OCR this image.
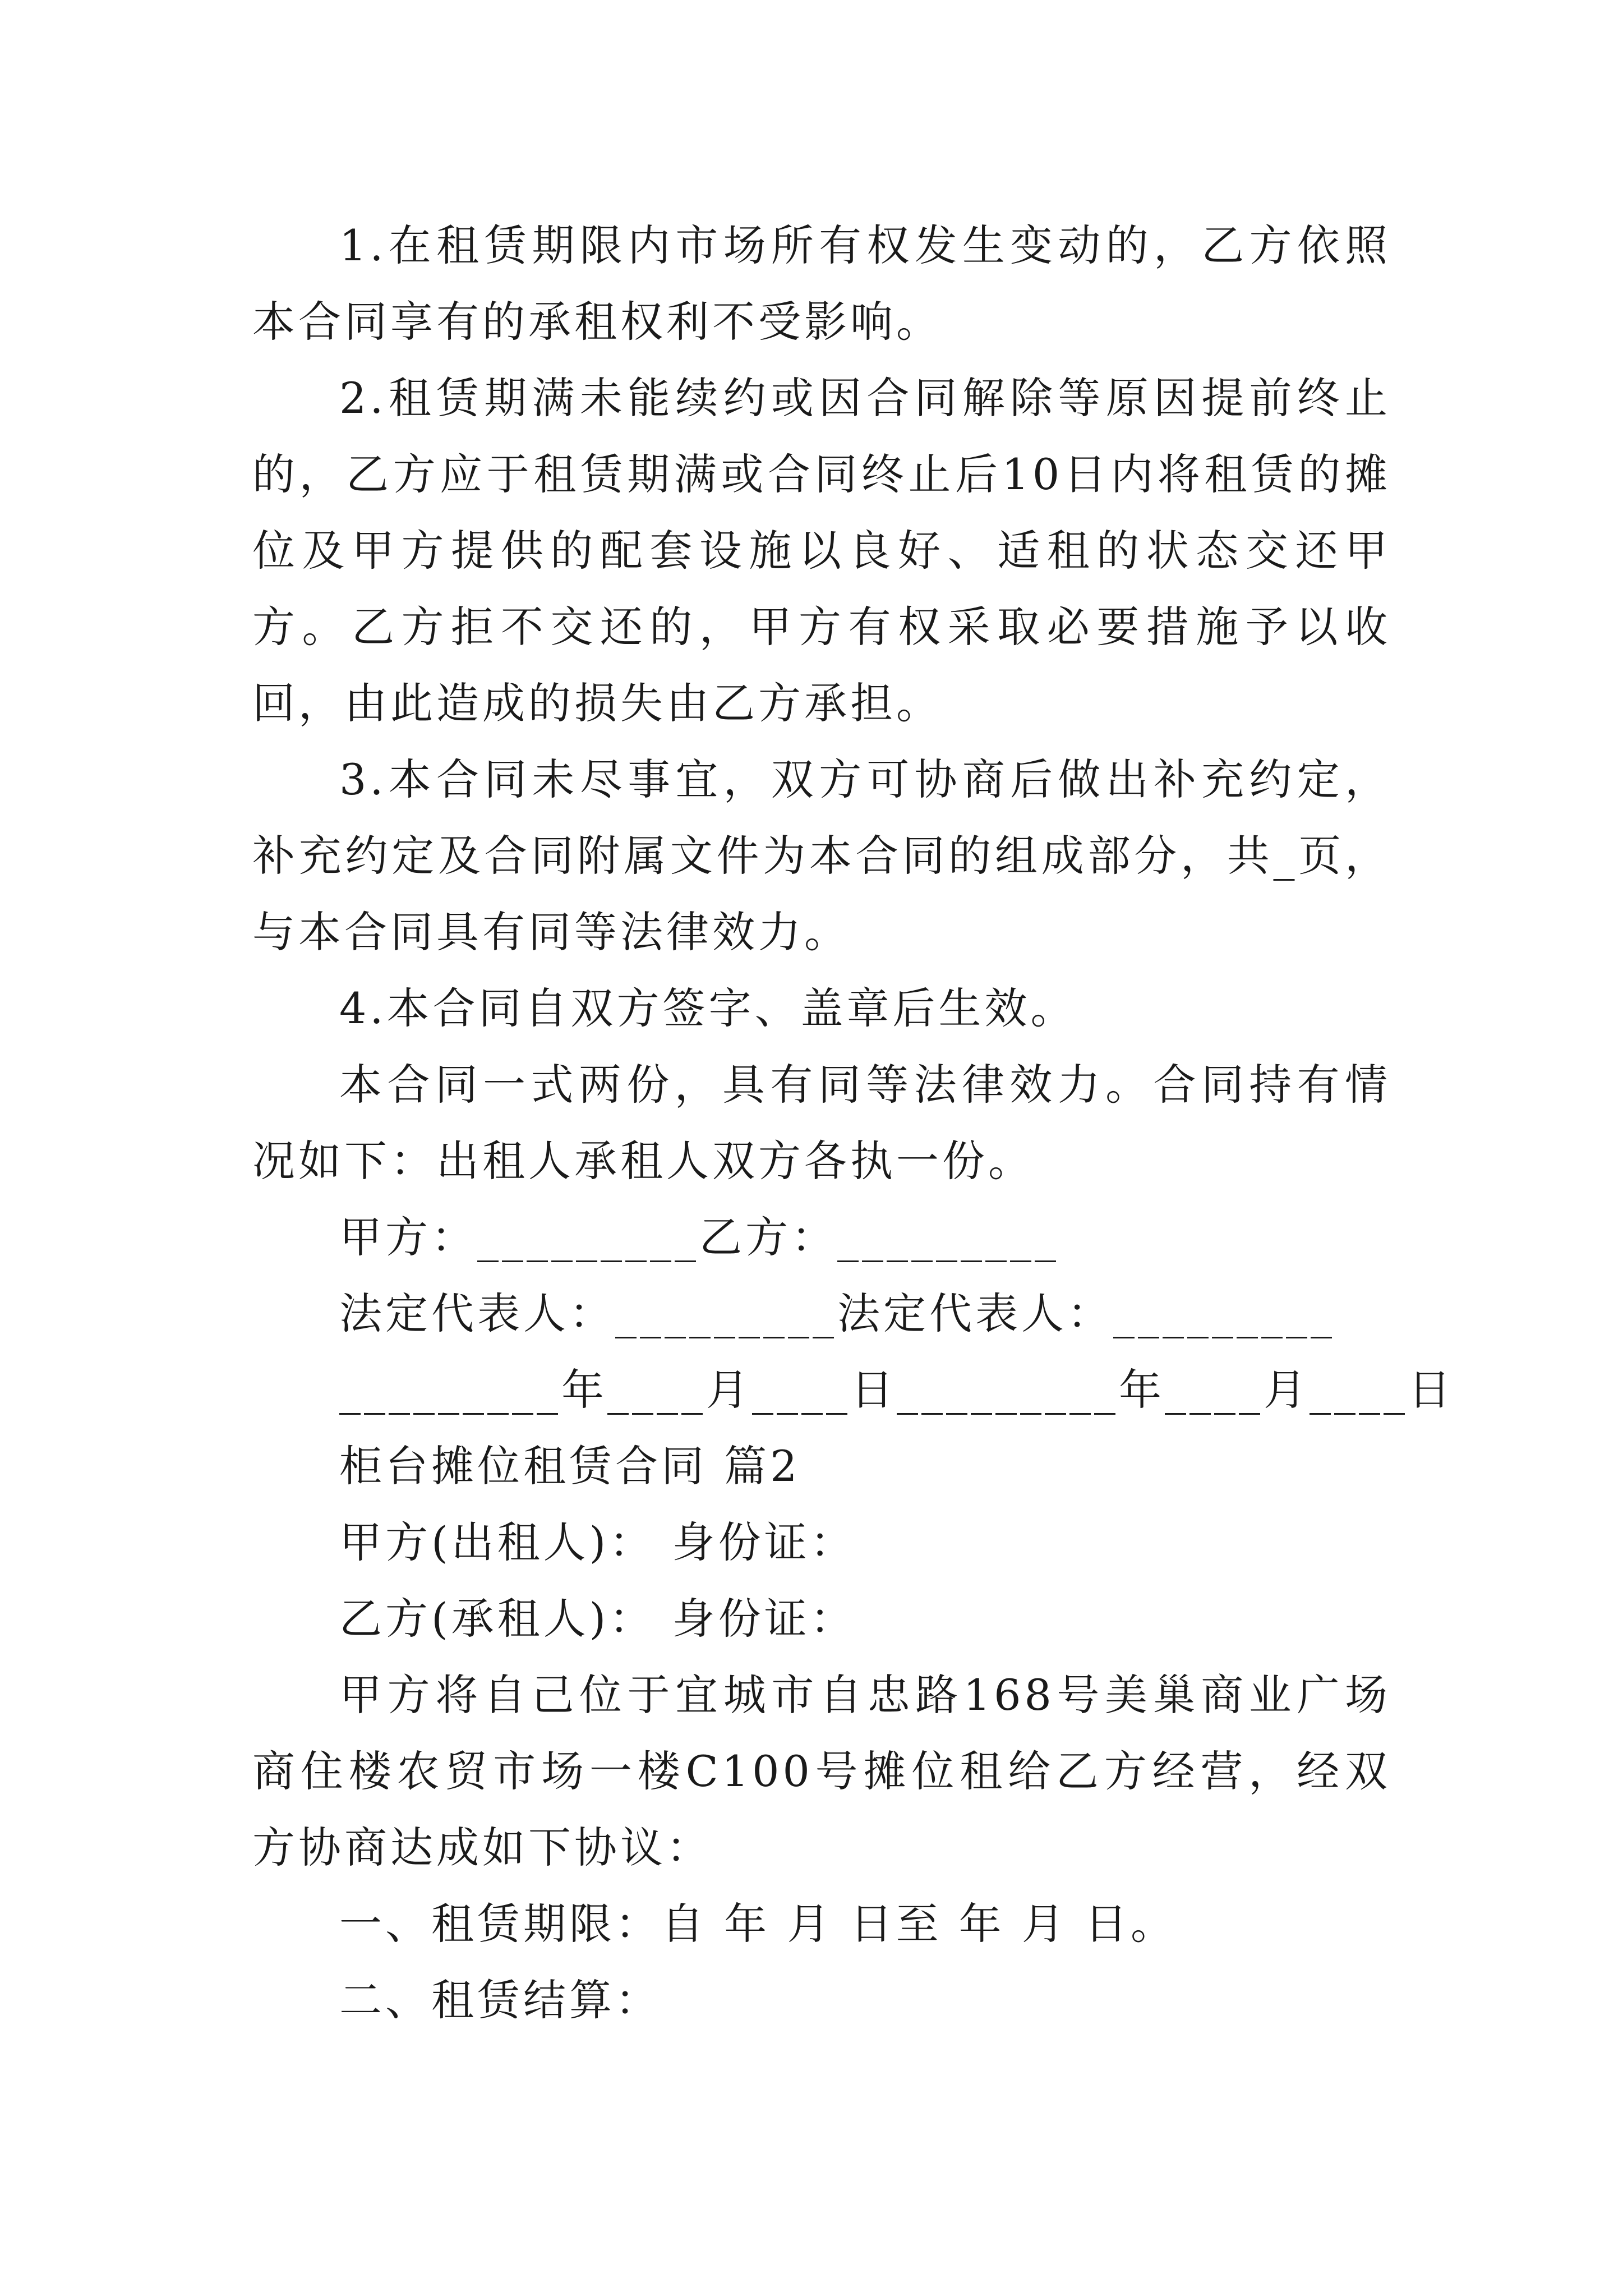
1.在租赁期限内市场所有权发生变动的，乙方依照本合同享有的承租权利不受影响。

2.租赁期满未能续约或因合同解除等原因提前终止的，乙方应于租赁期满或合同终止后10日内将租赁的摊位及甲方提供的配套设施以良好、适租的状态交还甲方。乙方拒不交还的，甲方有权采取必要措施予以收回，由此造成的损失由乙方承担。

3.本合同未尽事宜，双方可协商后做出补充约定，补充约定及合同附属文件为本合同的组成部分，共_页，与本合同具有同等法律效力。

4.本合同自双方签字、盖章后生效。

本合同一式两份，具有同等法律效力。合同持有情况如下：出租人承租人双方各执一份。

甲方：_________乙方：_________

法定代表人：_________法定代表人：_________

_________年____月____日_________年____月____日

柜台摊位租赁合同 篇2

甲方(出租人)： 身份证：

乙方(承租人)： 身份证：

甲方将自己位于宜城市自忠路168号美巢商业广场商住楼农贸市场一楼C100号摊位租给乙方经营，经双方协商达成如下协议：

一、租赁期限：自 年 月 日至 年 月 日。

二、租赁结算：
